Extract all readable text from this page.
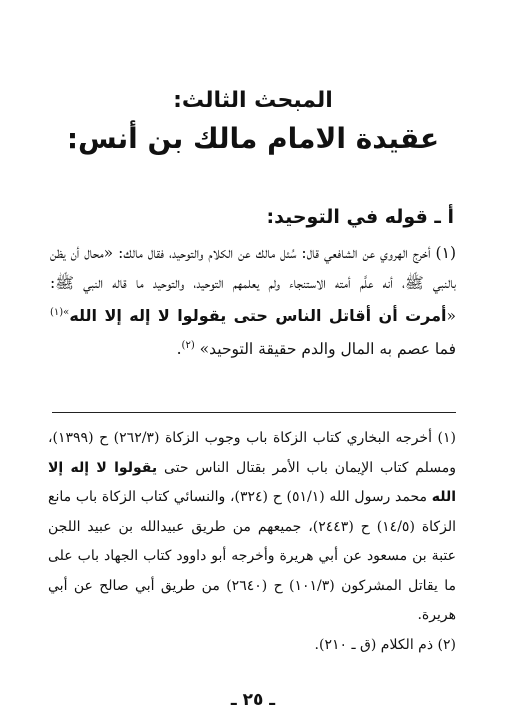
المبحث الثالث:
عقيدة الامام مالك بن أنس:
أ ـ قوله في التوحيد:
(١) أخرج الهروي عن الشافعي قال: سُئل مالك عن الكلام والتوحيد، فقال مالك: «محال أن يظن بالنبي ﷺ، أنه علَّم أمته الاستنجاء ولم يعلمهم التوحيد، والتوحيد ما قاله النبي ﷺ: «أمرت أن أقاتل الناس حتى يقولوا لا إله إلا الله$^{»(١)}$ فما عصم به المال والدم حقيقة التوحيد» $^{(٢)}$.
(١) أخرجه البخاري كتاب الزكاة باب وجوب الزكاة (٢٦٢/٣) ح (١٣٩٩)، ومسلم كتاب الإيمان باب الأمر بقتال الناس حتى يقولوا لا إله إلا الله محمد رسول الله (٥١/١) ح (٣٢٤)، والنسائي كتاب الزكاة باب مانع الزكاة (١٤/٥) ح (٢٤٤٣)، جميعهم من طريق عبيدالله بن عبيد اللجن عتبة بن مسعود عن أبي هريرة وأخرجه أبو داوود كتاب الجهاد باب على ما يقاتل المشركون (١٠١/٣) ح (٢٦٤٠) من طريق أبي صالح عن أبي هريرة.
(٢) ذم الكلام (ق ـ ٢١٠).
ـ ٢٥ ـ
